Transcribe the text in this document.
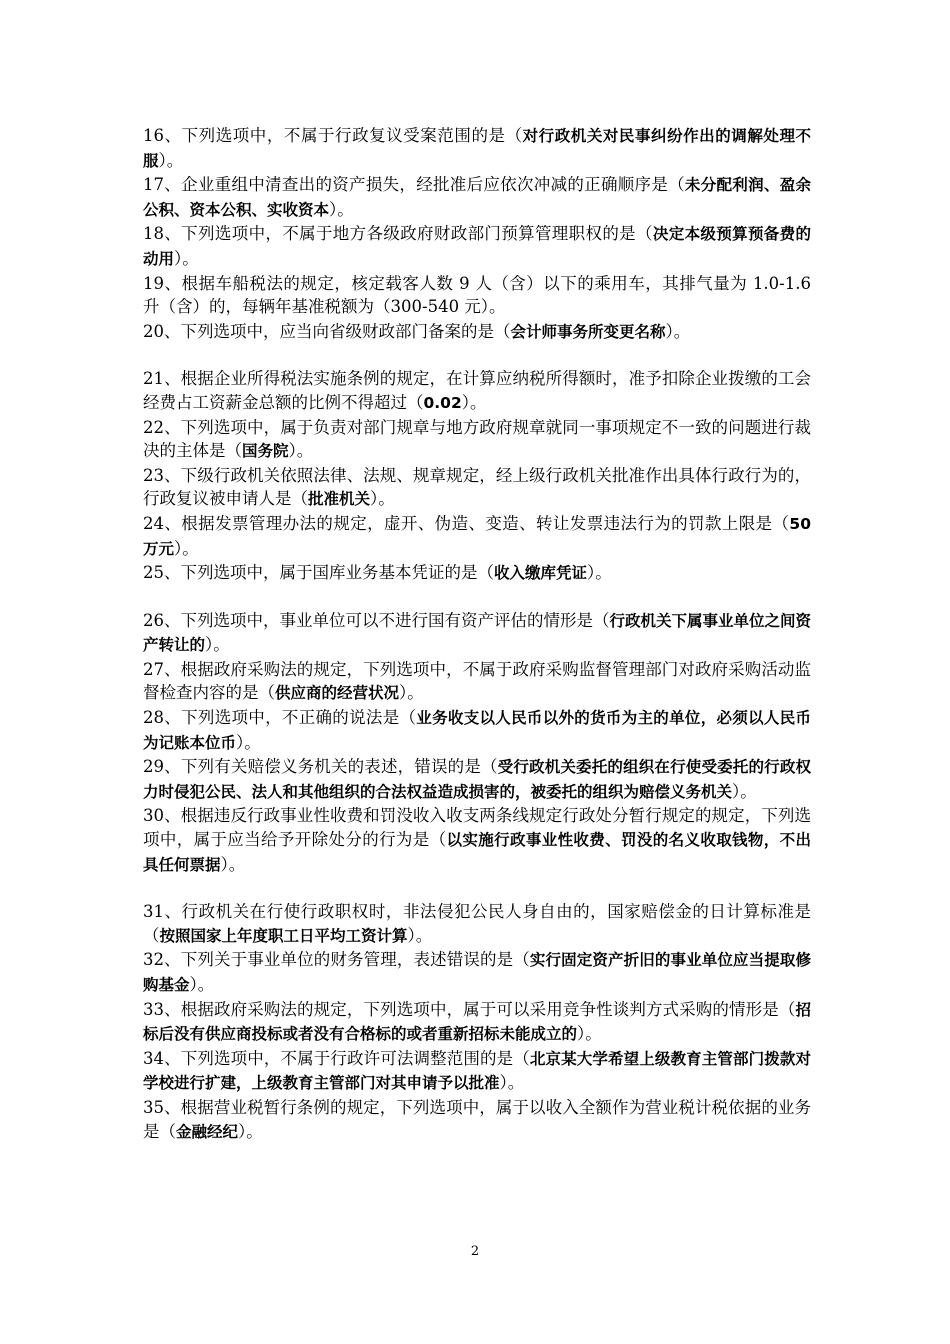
16、下列选项中，不属于行政复议受案范围的是（对行政机关对民事纠纷作出的调解处理不服）。

17、企业重组中清查出的资产损失，经批准后应依次冲减的正确顺序是（未分配利润、盈余公积、资本公积、实收资本）。

18、下列选项中，不属于地方各级政府财政部门预算管理职权的是（决定本级预算预备费的动用）。

19、根据车船税法的规定，核定载客人数 9 人（含）以下的乘用车，其排气量为 1.0-1.6 升（含）的，每辆年基准税额为（300-540 元）。

20、下列选项中，应当向省级财政部门备案的是（会计师事务所变更名称）。

21、根据企业所得税法实施条例的规定，在计算应纳税所得额时，准予扣除企业拨缴的工会经费占工资薪金总额的比例不得超过（0.02）。

22、下列选项中，属于负责对部门规章与地方政府规章就同一事项规定不一致的问题进行裁决的主体是（国务院）。

23、下级行政机关依照法律、法规、规章规定，经上级行政机关批准作出具体行政行为的，行政复议被申请人是（批准机关）。

24、根据发票管理办法的规定，虚开、伪造、变造、转让发票违法行为的罚款上限是（50 万元）。

25、下列选项中，属于国库业务基本凭证的是（收入缴库凭证）。

26、下列选项中，事业单位可以不进行国有资产评估的情形是（行政机关下属事业单位之间资产转让的）。

27、根据政府采购法的规定，下列选项中，不属于政府采购监督管理部门对政府采购活动监督检查内容的是（供应商的经营状况）。

28、下列选项中，不正确的说法是（业务收支以人民币以外的货币为主的单位，必须以人民币为记账本位币）。

29、下列有关赔偿义务机关的表述，错误的是（受行政机关委托的组织在行使受委托的行政权力时侵犯公民、法人和其他组织的合法权益造成损害的，被委托的组织为赔偿义务机关）。

30、根据违反行政事业性收费和罚没收入收支两条线规定行政处分暂行规定的规定，下列选项中，属于应当给予开除处分的行为是（以实施行政事业性收费、罚没的名义收取钱物，不出具任何票据）。

31、行政机关在行使行政职权时，非法侵犯公民人身自由的，国家赔偿金的日计算标准是（按照国家上年度职工日平均工资计算）。

32、下列关于事业单位的财务管理，表述错误的是（实行固定资产折旧的事业单位应当提取修购基金）。

33、根据政府采购法的规定，下列选项中，属于可以采用竞争性谈判方式采购的情形是（招标后没有供应商投标或者没有合格标的或者重新招标未能成立的）。

34、下列选项中，不属于行政许可法调整范围的是（北京某大学希望上级教育主管部门拨款对学校进行扩建，上级教育主管部门对其申请予以批准）。

35、根据营业税暂行条例的规定，下列选项中，属于以收入全额作为营业税计税依据的业务是（金融经纪）。

2
